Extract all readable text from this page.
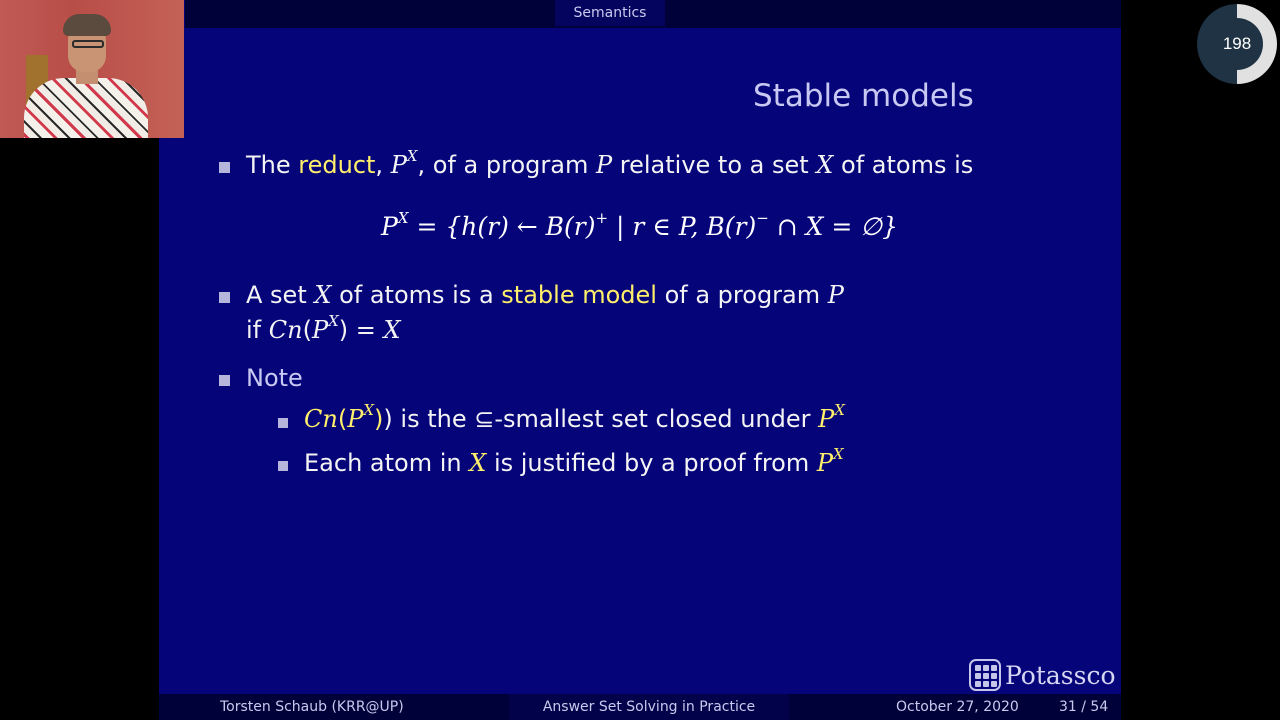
Semantics
Stable models
The reduct, $P^X$, of a program P relative to a set X of atoms is
$P^X = \{h(r)$ ← B(r)+ | r ∈ P, B(r)− ∩ X = ∅}
A set X of atoms is a stable model of a program P
if $Cn(P^X) = X$
Note
$Cn(P^X)$) is the ⊆-smallest set closed under $P^X$
Each atom in X is justified by a proof from $P^X$
Potassco
Torsten Schaub (KRR@UP)	Answer Set Solving in Practice	October 27, 2020	31 / 54
198
